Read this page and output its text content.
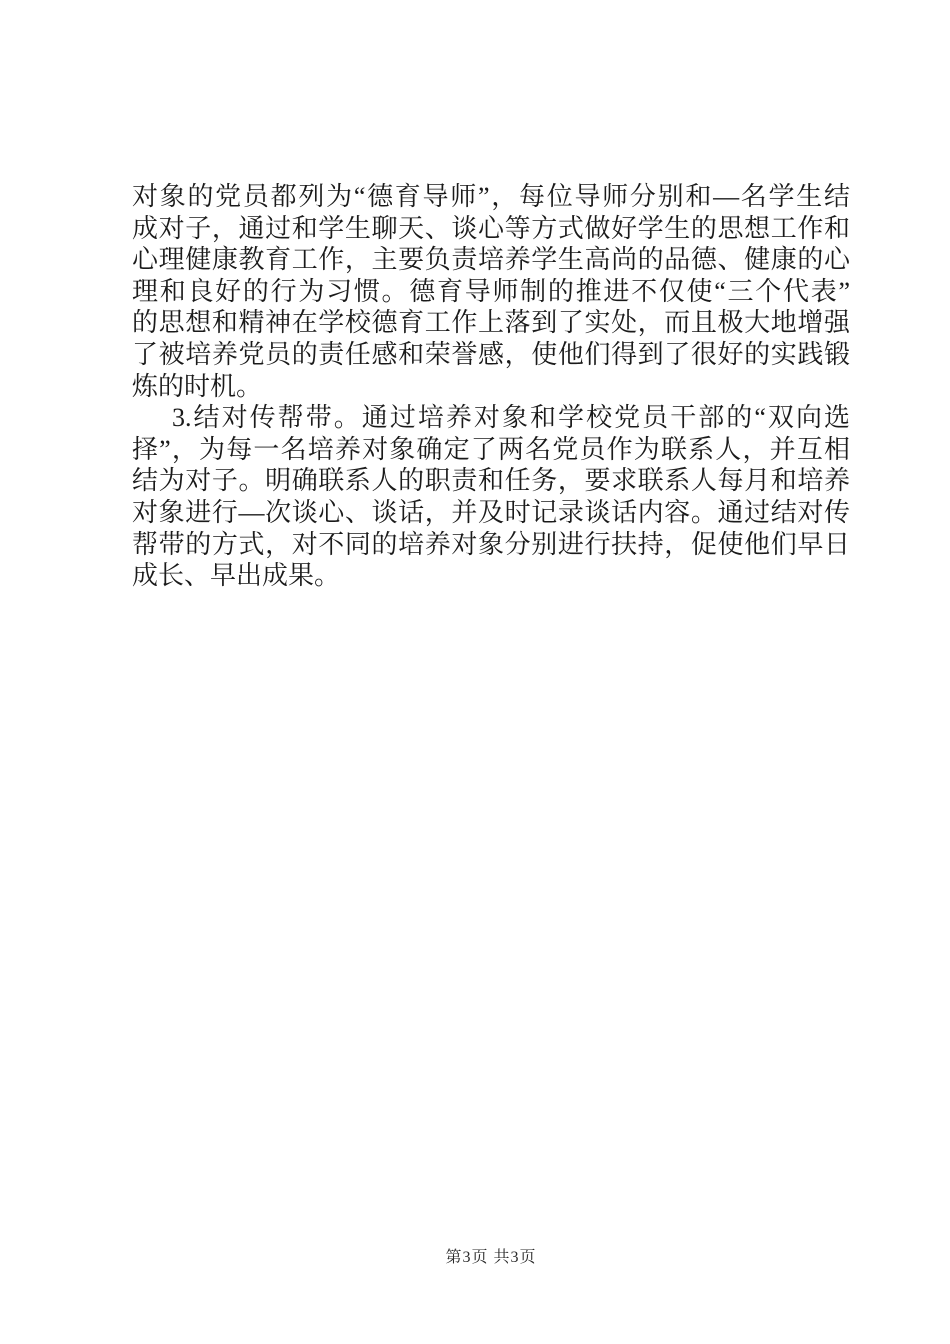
对象的党员都列为“德育导师”，每位导师分别和—名学生结
成对子，通过和学生聊天、谈心等方式做好学生的思想工作和
心理健康教育工作，主要负责培养学生高尚的品德、健康的心
理和良好的行为习惯。德育导师制的推进不仅使“三个代表”
的思想和精神在学校德育工作上落到了实处，而且极大地增强
了被培养党员的责任感和荣誉感，使他们得到了很好的实践锻
炼的时机。
3.结对传帮带。通过培养对象和学校党员干部的“双向选
择”，为每一名培养对象确定了两名党员作为联系人，并互相
结为对子。明确联系人的职责和任务，要求联系人每月和培养
对象进行—次谈心、谈话，并及时记录谈话内容。通过结对传
帮带的方式，对不同的培养对象分别进行扶持，促使他们早日
成长、早出成果。
第3页 共3页
